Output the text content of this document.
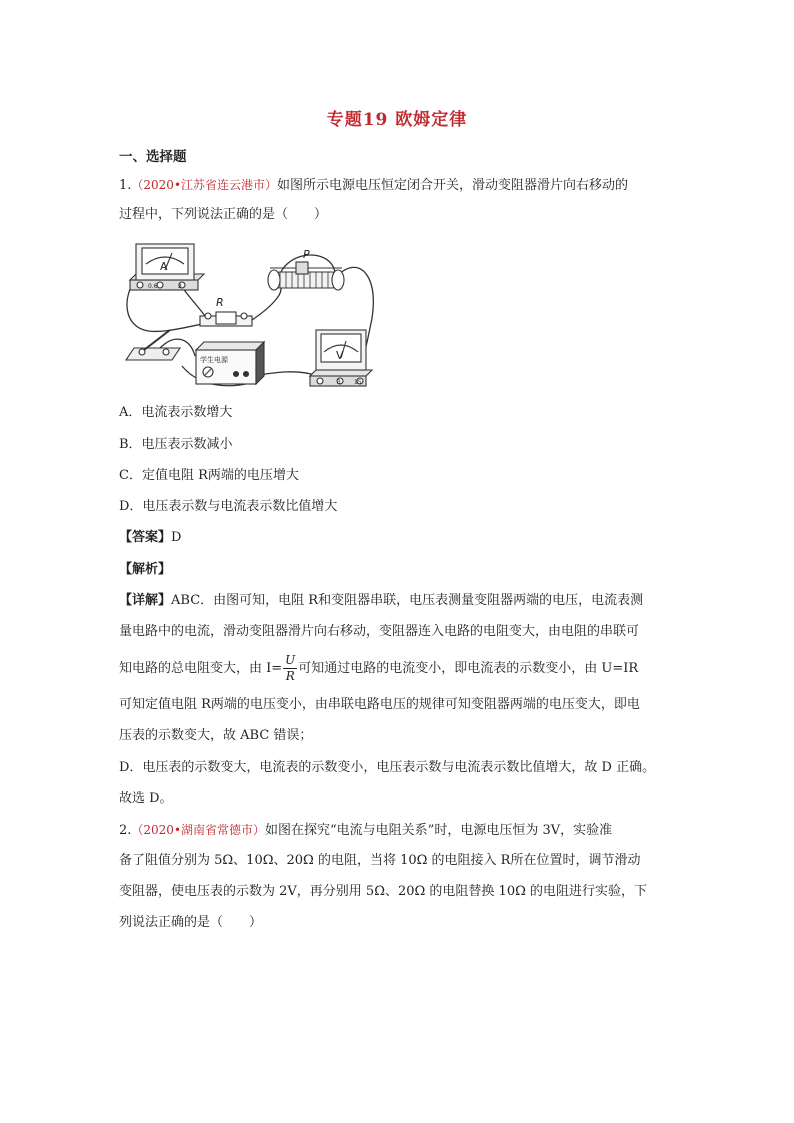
专题19 欧姆定律
一、选择题
1.（2020•江苏省连云港市）如图所示电源电压恒定闭合开关，滑动变阻器滑片向右移动的
过程中，下列说法正确的是（　　）
A
0.6	3
R
P
学生电源	V
3 15
A．电流表示数增大
B．电压表示数减小
C．定值电阻 R两端的电压增大
D．电压表示数与电流表示数比值增大
【答案】D
【解析】
【详解】ABC．由图可知，电阻 R和变阻器串联，电压表测量变阻器两端的电压，电流表测
量电路中的电流，滑动变阻器滑片向右移动，变阻器连入电路的电阻变大，由电阻的串联可
知电路的总电阻变大，由 $I= \frac{U}{R}$ 可知通过电路的电流变小，即电流表的示数变小，由 U=IR
可知定值电阻 R两端的电压变小，由串联电路电压的规律可知变阻器两端的电压变大，即电
压表的示数变大，故 ABC 错误；
D．电压表的示数变大，电流表的示数变小，电压表示数与电流表示数比值增大，故 D 正确。
故选 D。
2.（2020•湖南省常德市）如图在探究“电流与电阻关系”时，电源电压恒为 3V，实验准
备了阻值分别为 5Ω、10Ω、20Ω 的电阻，当将 10Ω 的电阻接入 R所在位置时，调节滑动
变阻器，使电压表的示数为 2V，再分别用 5Ω、20Ω 的电阻替换 10Ω 的电阻进行实验，下
列说法正确的是（　　）
